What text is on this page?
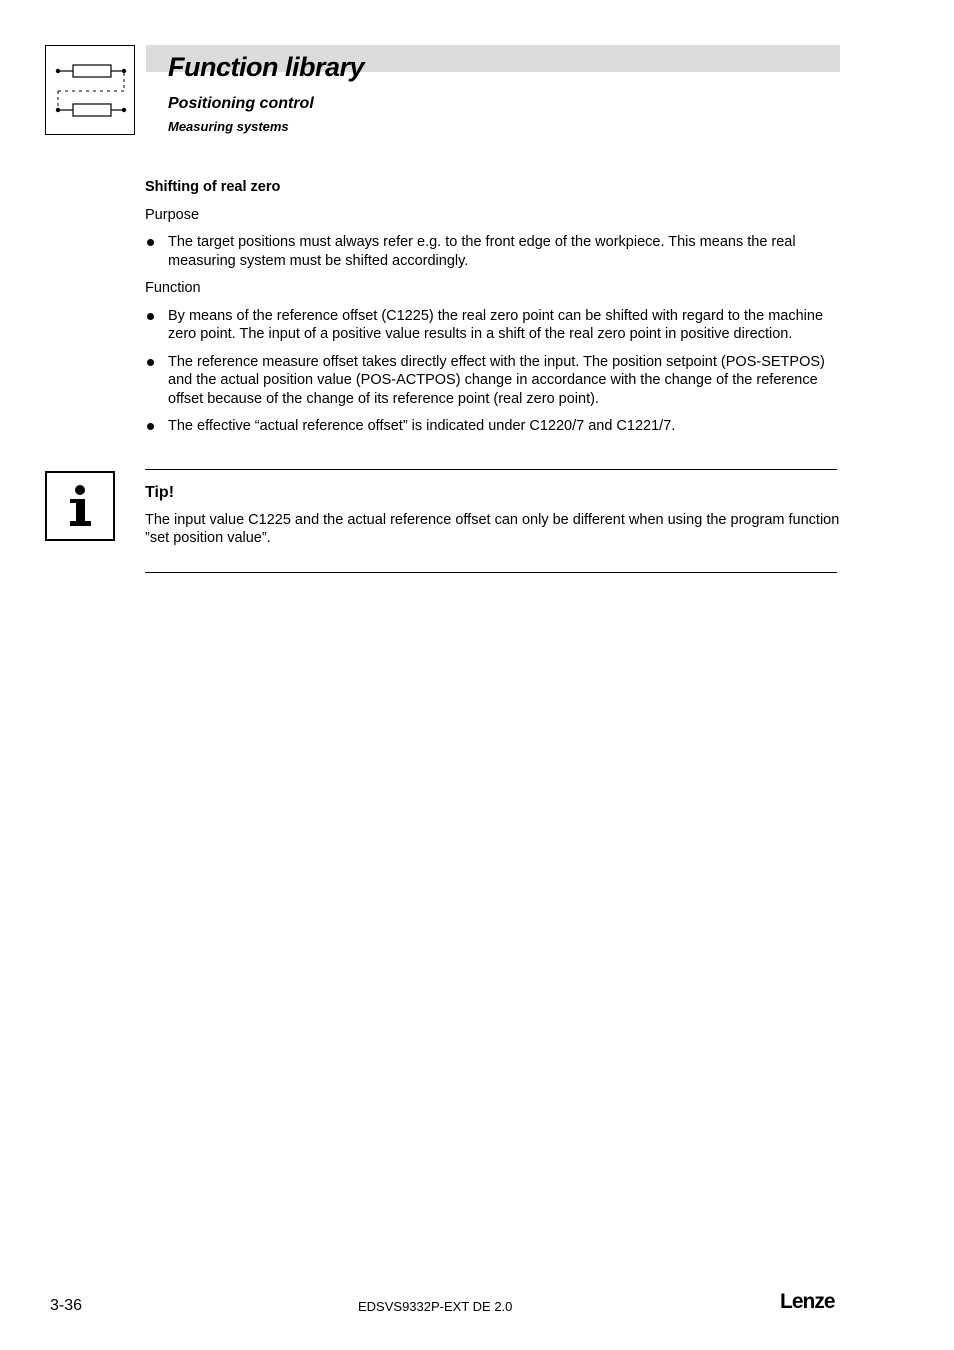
Function library
Positioning control
Measuring systems
Shifting of real zero
Purpose
The target positions must always refer e.g. to the front edge of the workpiece. This means the real measuring system must be shifted accordingly.
Function
By means of the reference offset (C1225) the real zero point can be shifted with regard to the machine zero point. The input of a positive value results in a shift of the real zero point in positive direction.
The reference measure offset takes directly effect with the input. The position setpoint (POS-SETPOS) and the actual position value (POS-ACTPOS) change in accordance with the change of the reference offset because of the change of its reference point (real zero point).
The effective “actual reference offset” is indicated under C1220/7 and C1221/7.
Tip!
The input value C1225 and the actual reference offset can only be different when using the program function ”set position value”.
3-36	EDSVS9332P-EXT DE 2.0	Lenze
